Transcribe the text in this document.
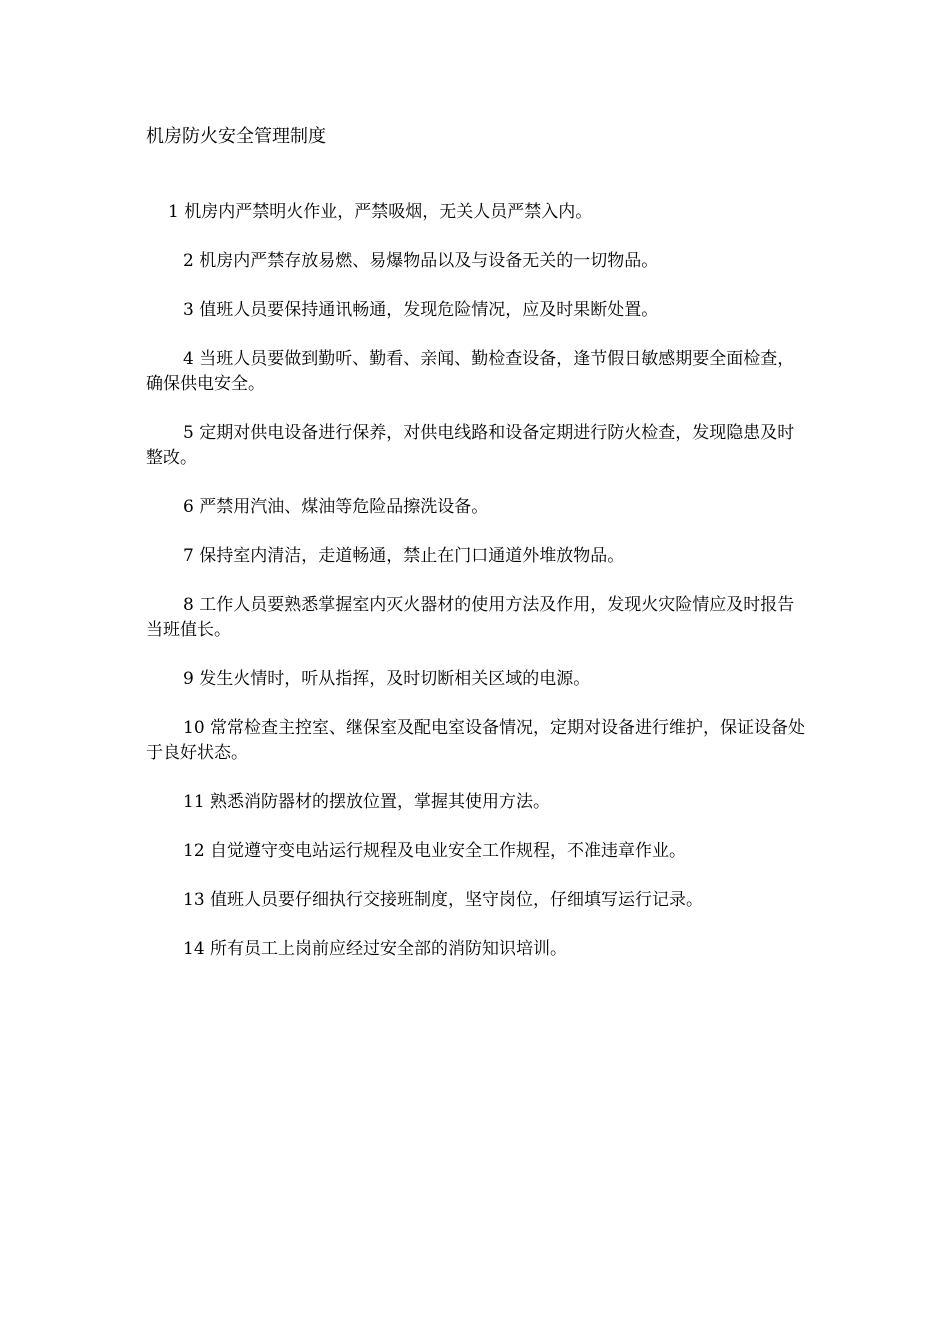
机房防火安全管理制度
1 机房内严禁明火作业，严禁吸烟，无关人员严禁入内。
2 机房内严禁存放易燃、易爆物品以及与设备无关的一切物品。
3 值班人员要保持通讯畅通，发现危险情况，应及时果断处置。
4 当班人员要做到勤听、勤看、亲闻、勤检查设备，逢节假日敏感期要全面检查，确保供电安全。
5 定期对供电设备进行保养，对供电线路和设备定期进行防火检查，发现隐患及时整改。
6 严禁用汽油、煤油等危险品擦洗设备。
7 保持室内清洁，走道畅通，禁止在门口通道外堆放物品。
8 工作人员要熟悉掌握室内灭火器材的使用方法及作用，发现火灾险情应及时报告当班值长。
9 发生火情时，听从指挥，及时切断相关区域的电源。
10 常常检查主控室、继保室及配电室设备情况，定期对设备进行维护，保证设备处于良好状态。
11 熟悉消防器材的摆放位置，掌握其使用方法。
12 自觉遵守变电站运行规程及电业安全工作规程，不准违章作业。
13 值班人员要仔细执行交接班制度，坚守岗位，仔细填写运行记录。
14 所有员工上岗前应经过安全部的消防知识培训。
